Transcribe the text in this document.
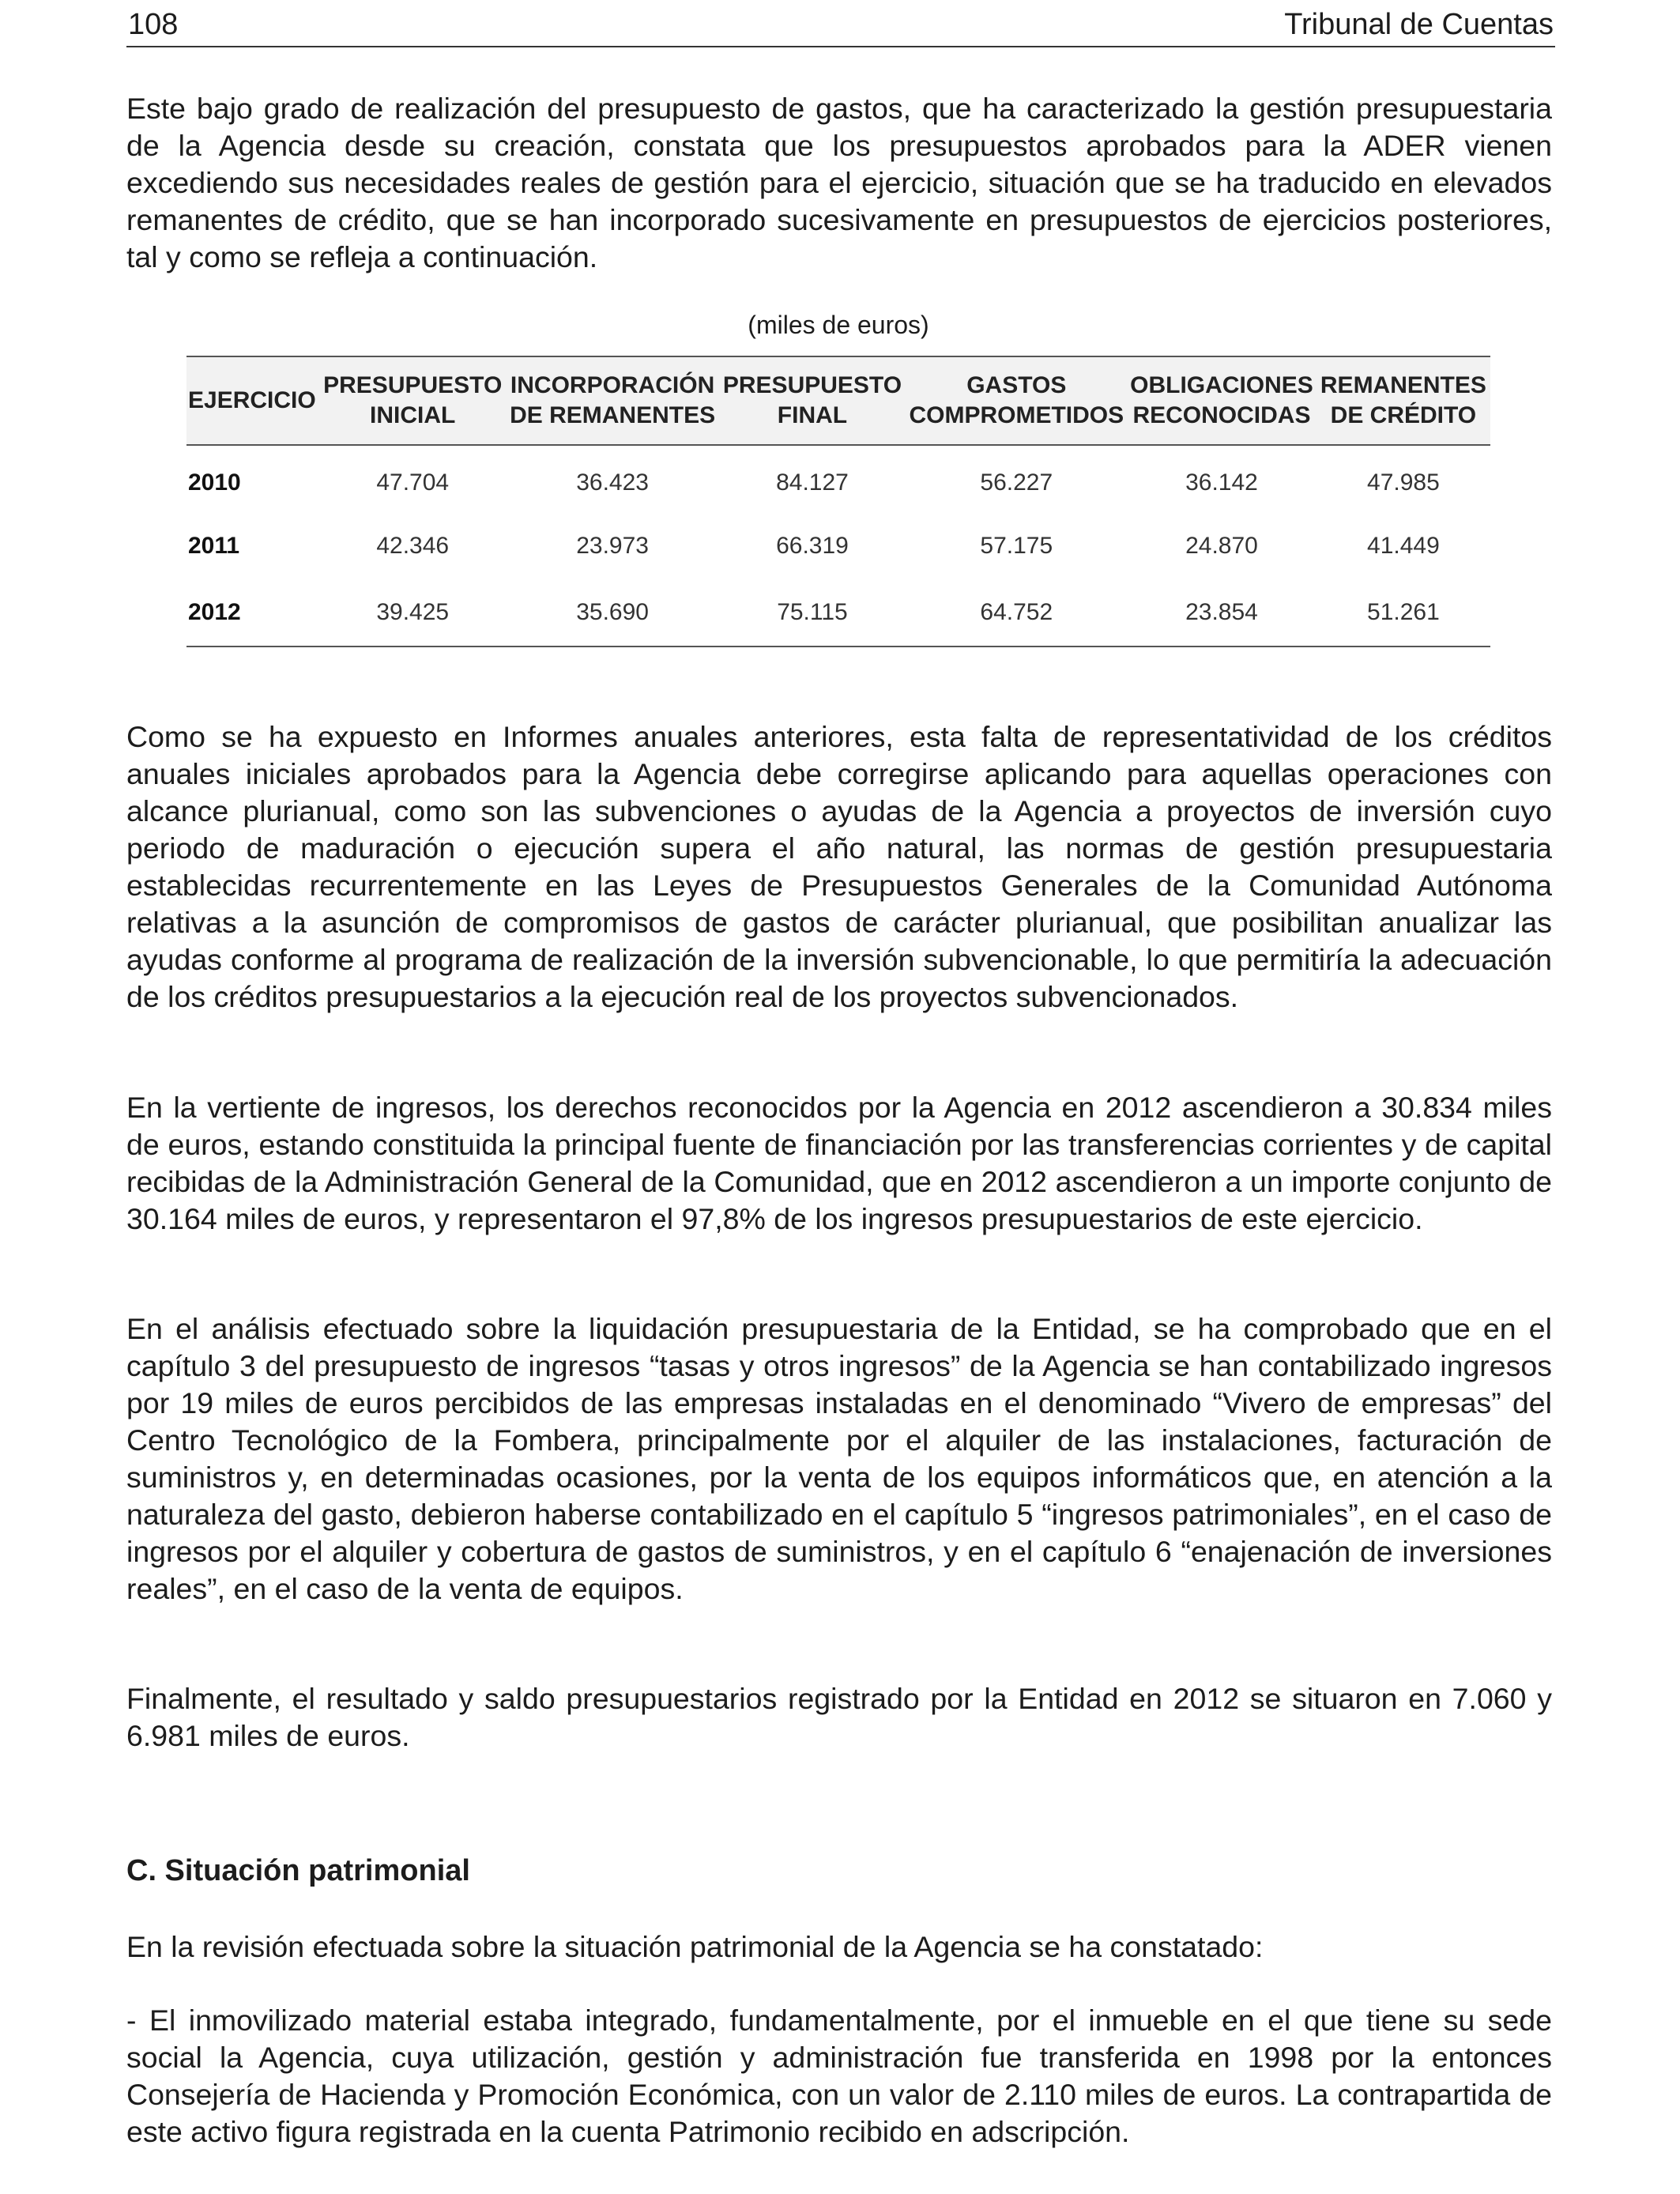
108	Tribunal de Cuentas

Este bajo grado de realización del presupuesto de gastos, que ha caracterizado la gestión presupuestaria de la Agencia desde su creación, constata que los presupuestos aprobados para la ADER vienen excediendo sus necesidades reales de gestión para el ejercicio, situación que se ha traducido en elevados remanentes de crédito, que se han incorporado sucesivamente en presupuestos de ejercicios posteriores, tal y como se refleja a continuación.

(miles de euros)
EJERCICIO	PRESUPUESTO INICIAL	INCORPORACIÓN DE REMANENTES	PRESUPUESTO FINAL	GASTOS COMPROMETIDOS	OBLIGACIONES RECONOCIDAS	REMANENTES DE CRÉDITO
2010	47.704	36.423	84.127	56.227	36.142	47.985
2011	42.346	23.973	66.319	57.175	24.870	41.449
2012	39.425	35.690	75.115	64.752	23.854	51.261

Como se ha expuesto en Informes anuales anteriores, esta falta de representatividad de los créditos anuales iniciales aprobados para la Agencia debe corregirse aplicando para aquellas operaciones con alcance plurianual, como son las subvenciones o ayudas de la Agencia a proyectos de inversión cuyo periodo de maduración o ejecución supera el año natural, las normas de gestión presupuestaria establecidas recurrentemente en las Leyes de Presupuestos Generales de la Comunidad Autónoma relativas a la asunción de compromisos de gastos de carácter plurianual, que posibilitan anualizar las ayudas conforme al programa de realización de la inversión subvencionable, lo que permitiría la adecuación de los créditos presupuestarios a la ejecución real de los proyectos subvencionados.

En la vertiente de ingresos, los derechos reconocidos por la Agencia en 2012 ascendieron a 30.834 miles de euros, estando constituida la principal fuente de financiación por las transferencias corrientes y de capital recibidas de la Administración General de la Comunidad, que en 2012 ascendieron a un importe conjunto de 30.164 miles de euros, y representaron el 97,8% de los ingresos presupuestarios de este ejercicio.

En el análisis efectuado sobre la liquidación presupuestaria de la Entidad, se ha comprobado que en el capítulo 3 del presupuesto de ingresos “tasas y otros ingresos” de la Agencia se han contabilizado ingresos por 19 miles de euros percibidos de las empresas instaladas en el denominado “Vivero de empresas” del Centro Tecnológico de la Fombera, principalmente por el alquiler de las instalaciones, facturación de suministros y, en determinadas ocasiones, por la venta de los equipos informáticos que, en atención a la naturaleza del gasto, debieron haberse contabilizado en el capítulo 5 “ingresos patrimoniales”, en el caso de ingresos por el alquiler y cobertura de gastos de suministros, y en el capítulo 6 “enajenación de inversiones reales”, en el caso de la venta de equipos.

Finalmente, el resultado y saldo presupuestarios registrado por la Entidad en 2012 se situaron en 7.060 y 6.981 miles de euros.

C. Situación patrimonial

En la revisión efectuada sobre la situación patrimonial de la Agencia se ha constatado:

- El inmovilizado material estaba integrado, fundamentalmente, por el inmueble en el que tiene su sede social la Agencia, cuya utilización, gestión y administración fue transferida en 1998 por la entonces Consejería de Hacienda y Promoción Económica, con un valor de 2.110 miles de euros. La contrapartida de este activo figura registrada en la cuenta Patrimonio recibido en adscripción.
